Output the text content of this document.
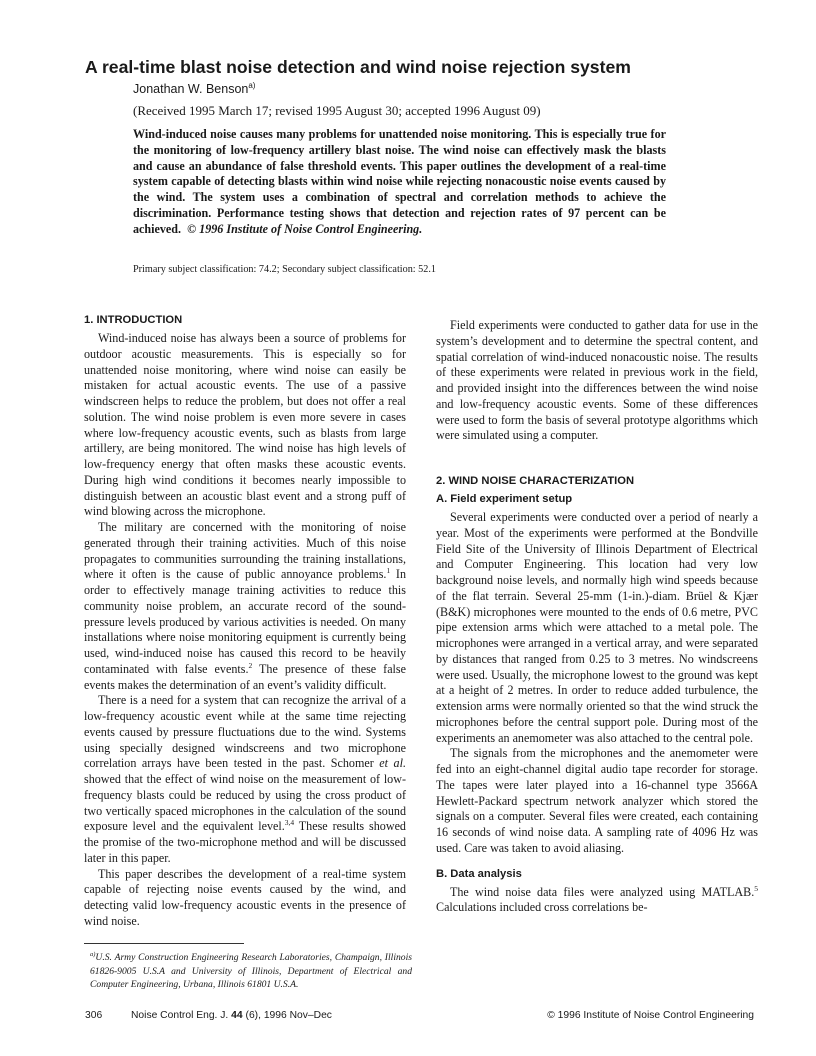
A real-time blast noise detection and wind noise rejection system
Jonathan W. Benson$^{a)}$
(Received 1995 March 17; revised 1995 August 30; accepted 1996 August 09)

Wind-induced noise causes many problems for unattended noise monitoring. This is especially true for the monitoring of low-frequency artillery blast noise. The wind noise can effectively mask the blasts and cause an abundance of false threshold events. This paper outlines the development of a real-time system capable of detecting blasts within wind noise while rejecting nonacoustic noise events caused by the wind. The system uses a combination of spectral and correlation methods to achieve the discrimination. Performance testing shows that detection and rejection rates of 97 percent can be achieved. © 1996 Institute of Noise Control Engineering.

Primary subject classification: 74.2; Secondary subject classification: 52.1
1. INTRODUCTION

Wind-induced noise has always been a source of problems for outdoor acoustic measurements. This is especially so for unattended noise monitoring, where wind noise can easily be mistaken for actual acoustic events. The use of a passive windscreen helps to reduce the problem, but does not offer a real solution. The wind noise problem is even more severe in cases where low-frequency acoustic events, such as blasts from large artillery, are being monitored. The wind noise has high levels of low-frequency energy that often masks these acoustic events. During high wind conditions it becomes nearly impossible to distinguish between an acoustic blast event and a strong puff of wind blowing across the microphone.

The military are concerned with the monitoring of noise generated through their training activities. Much of this noise propagates to communities surrounding the training installations, where it often is the cause of public annoyance problems.$^1$ In order to effectively manage training activities to reduce this community noise problem, an accurate record of the sound-pressure levels produced by various activities is needed. On many installations where noise monitoring equipment is currently being used, wind-induced noise has caused this record to be heavily contaminated with false events.$^2$ The presence of these false events makes the determination of an event’s validity difficult.

There is a need for a system that can recognize the arrival of a low-frequency acoustic event while at the same time rejecting events caused by pressure fluctuations due to the wind. Systems using specially designed windscreens and two microphone correlation arrays have been tested in the past. Schomer et al. showed that the effect of wind noise on the measurement of low-frequency blasts could be reduced by using the cross product of two vertically spaced microphones in the calculation of the sound exposure level and the equivalent level.$^{3,4}$ These results showed the promise of the two-microphone method and will be discussed later in this paper.

This paper describes the development of a real-time system capable of rejecting noise events caused by the wind, and detecting valid low-frequency acoustic events in the presence of wind noise.

Field experiments were conducted to gather data for use in the system’s development and to determine the spectral content, and spatial correlation of wind-induced nonacoustic noise. The results of these experiments were related in previous work in the field, and provided insight into the differences between the wind noise and low-frequency acoustic events. Some of these differences were used to form the basis of several prototype algorithms which were simulated using a computer.

2. WIND NOISE CHARACTERIZATION
A. Field experiment setup

Several experiments were conducted over a period of nearly a year. Most of the experiments were performed at the Bondville Field Site of the University of Illinois Department of Electrical and Computer Engineering. This location had very low background noise levels, and normally high wind speeds because of the flat terrain. Several 25-mm (1-in.)-diam. Brüel & Kjær (B&K) microphones were mounted to the ends of 0.6 metre, PVC pipe extension arms which were attached to a metal pole. The microphones were arranged in a vertical array, and were separated by distances that ranged from 0.25 to 3 metres. No windscreens were used. Usually, the microphone lowest to the ground was kept at a height of 2 metres. In order to reduce added turbulence, the extension arms were normally oriented so that the wind struck the microphones before the central support pole. During most of the experiments an anemometer was also attached to the central pole.

The signals from the microphones and the anemometer were fed into an eight-channel digital audio tape recorder for storage. The tapes were later played into a 16-channel type 3566A Hewlett-Packard spectrum network analyzer which stored the signals on a computer. Several files were created, each containing 16 seconds of wind noise data. A sampling rate of 4096 Hz was used. Care was taken to avoid aliasing.

B. Data analysis

The wind noise data files were analyzed using MATLAB.$^5$ Calculations included cross correlations be-

$^{a)}$U.S. Army Construction Engineering Research Laboratories, Champaign, Illinois 61826-9005 U.S.A and University of Illinois, Department of Electrical and Computer Engineering, Urbana, Illinois 61801 U.S.A.

306	Noise Control Eng. J. 44 (6), 1996 Nov–Dec	© 1996 Institute of Noise Control Engineering
